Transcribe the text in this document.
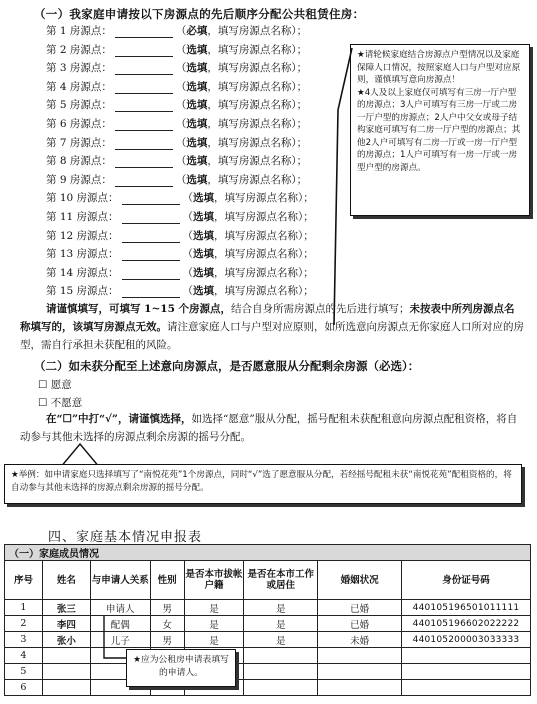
（一）我家庭申请按以下房源点的先后顺序分配公共租赁住房：
第 1 房源点：	（必填，填写房源点名称）；
第 2 房源点：	（选填，填写房源点名称）；
第 3 房源点：	（选填，填写房源点名称）；
第 4 房源点：	（选填，填写房源点名称）；
第 5 房源点：	（选填，填写房源点名称）；
第 6 房源点：	（选填，填写房源点名称）；
第 7 房源点：	（选填，填写房源点名称）；
第 8 房源点：	（选填，填写房源点名称）；
第 9 房源点：	（选填，填写房源点名称）；
第 10 房源点：	（选填，填写房源点名称）；
第 11 房源点：	（选填，填写房源点名称）；
第 12 房源点：	（选填，填写房源点名称）；
第 13 房源点：	（选填，填写房源点名称）；
第 14 房源点：	（选填，填写房源点名称）；
第 15 房源点：	（选填，填写房源点名称）；
★请轮候家庭结合房源点户型情况以及家庭保障人口情况，按照家庭人口与户型对应原则，谨慎填写意向房源点！
★4人及以上家庭仅可填写有三房一厅户型的房源点；3人户可填写有三房一厅或二房一厅户型的房源点；2人户中父女或母子结构家庭可填写有二房一厅户型的房源点；其他2人户可填写有二房一厅或一房一厅户型的房源点；1人户可填写有一房一厅或一房型户型的房源点。
请谨慎填写，可填写 1~15 个房源点，结合自身所需房源点的先后进行填写；未按表中所列房源点名称填写的，该填写房源点无效。请注意家庭人口与户型对应原则，如所选意向房源点无你家庭人口所对应的房型，需自行承担未获配租的风险。
（二）如未获分配至上述意向房源点，是否愿意服从分配剩余房源（必选）：
☐ 愿意
☐ 不愿意
在“☐”中打“√”，请谨慎选择，如选择“愿意”服从分配，摇号配租未获配租意向房源点配租资格，将自动参与其他未选择的房源点剩余房源的摇号分配。
★举例：如申请家庭只选择填写了“南悦花苑”1个房源点，同时“√”选了愿意服从分配，若经摇号配租未获“南悦花苑”配租资格的，将自动参与其他未选择的房源点剩余房源的摇号分配。
四、家庭基本情况申报表
（一）家庭成员情况							
序号	姓名	与申请人关系	性别	是否本市拔帐户籍	是否在本市工作或居住	婚姻状况	身份证号码
1	张三	申请人	男	是	是	已婚	440105196501011111
2	李四	配偶	女	是	是	已婚	440105196602022222
3	张小	儿子	男	是	是	未婚	440105200003033333
4							
5							
6							
★应为公租房申请表填写的申请人。
